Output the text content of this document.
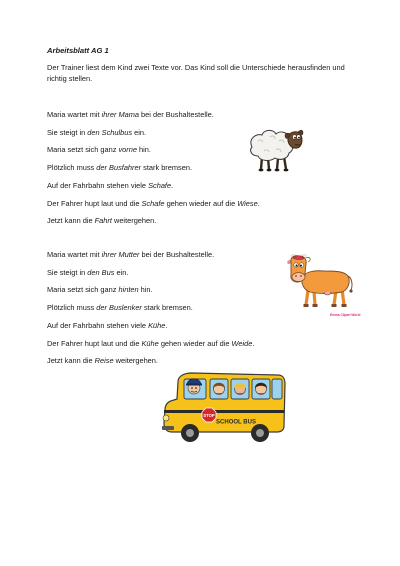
Arbeitsblatt AG 1
Der Trainer liest dem Kind zwei Texte vor. Das Kind soll die Unterschiede herausfinden und richtig stellen.
Maria wartet mit ihrer Mama bei der Bushaltestelle.
Sie steigt in den Schulbus ein.
Maria setzt sich ganz vorne hin.
Plötzlich muss der Busfahrer stark bremsen.
Auf der Fahrbahn stehen viele Schafe.
Der Fahrer hupt laut und die Schafe gehen wieder auf die Wiese.
Jetzt kann die Fahrt weitergehen.
Maria wartet mit ihrer Mutter bei der Bushaltestelle.
Sie steigt in den Bus ein.
Maria setzt sich ganz hinten hin.
Plötzlich muss der Buslenker stark bremsen.
Auf der Fahrbahn stehen viele Kühe.
Der Fahrer hupt laut und die Kühe gehen wieder auf die Weide.
Jetzt kann die Reise weitergehen.
Emma Clipart World
SCHOOL BUS
STOP
